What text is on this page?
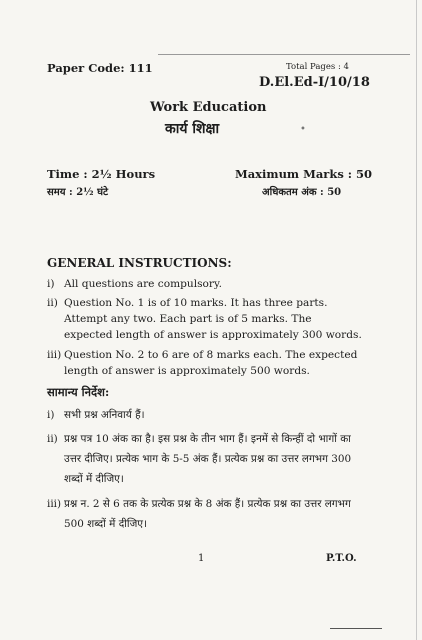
Paper Code: 111	Total Pages : 4
D.El.Ed-I/10/18
Work Education
कार्य शिक्षा	•
Time : 2½ Hours
समय : 2½ घंटे
Maximum Marks : 50
अधिकतम अंक : 50
GENERAL INSTRUCTIONS:
i) All questions are compulsory.
ii) Question No. 1 is of 10 marks. It has three parts. Attempt any two. Each part is of 5 marks. The expected length of answer is approximately 300 words.
iii) Question No. 2 to 6 are of 8 marks each. The expected length of answer is approximately 500 words.
सामान्य निर्देश:
i) सभी प्रश्न अनिवार्य हैं।
ii) प्रश्न पत्र 10 अंक का है। इस प्रश्न के तीन भाग हैं। इनमें से किन्हीं दो भागों का उत्तर दीजिए। प्रत्येक भाग के 5-5 अंक हैं। प्रत्येक प्रश्न का उत्तर लगभग 300 शब्दों में दीजिए।
iii) प्रश्न न. 2 से 6 तक के प्रत्येक प्रश्न के 8 अंक हैं। प्रत्येक प्रश्न का उत्तर लगभग 500 शब्दों में दीजिए।
1	P.T.O.
